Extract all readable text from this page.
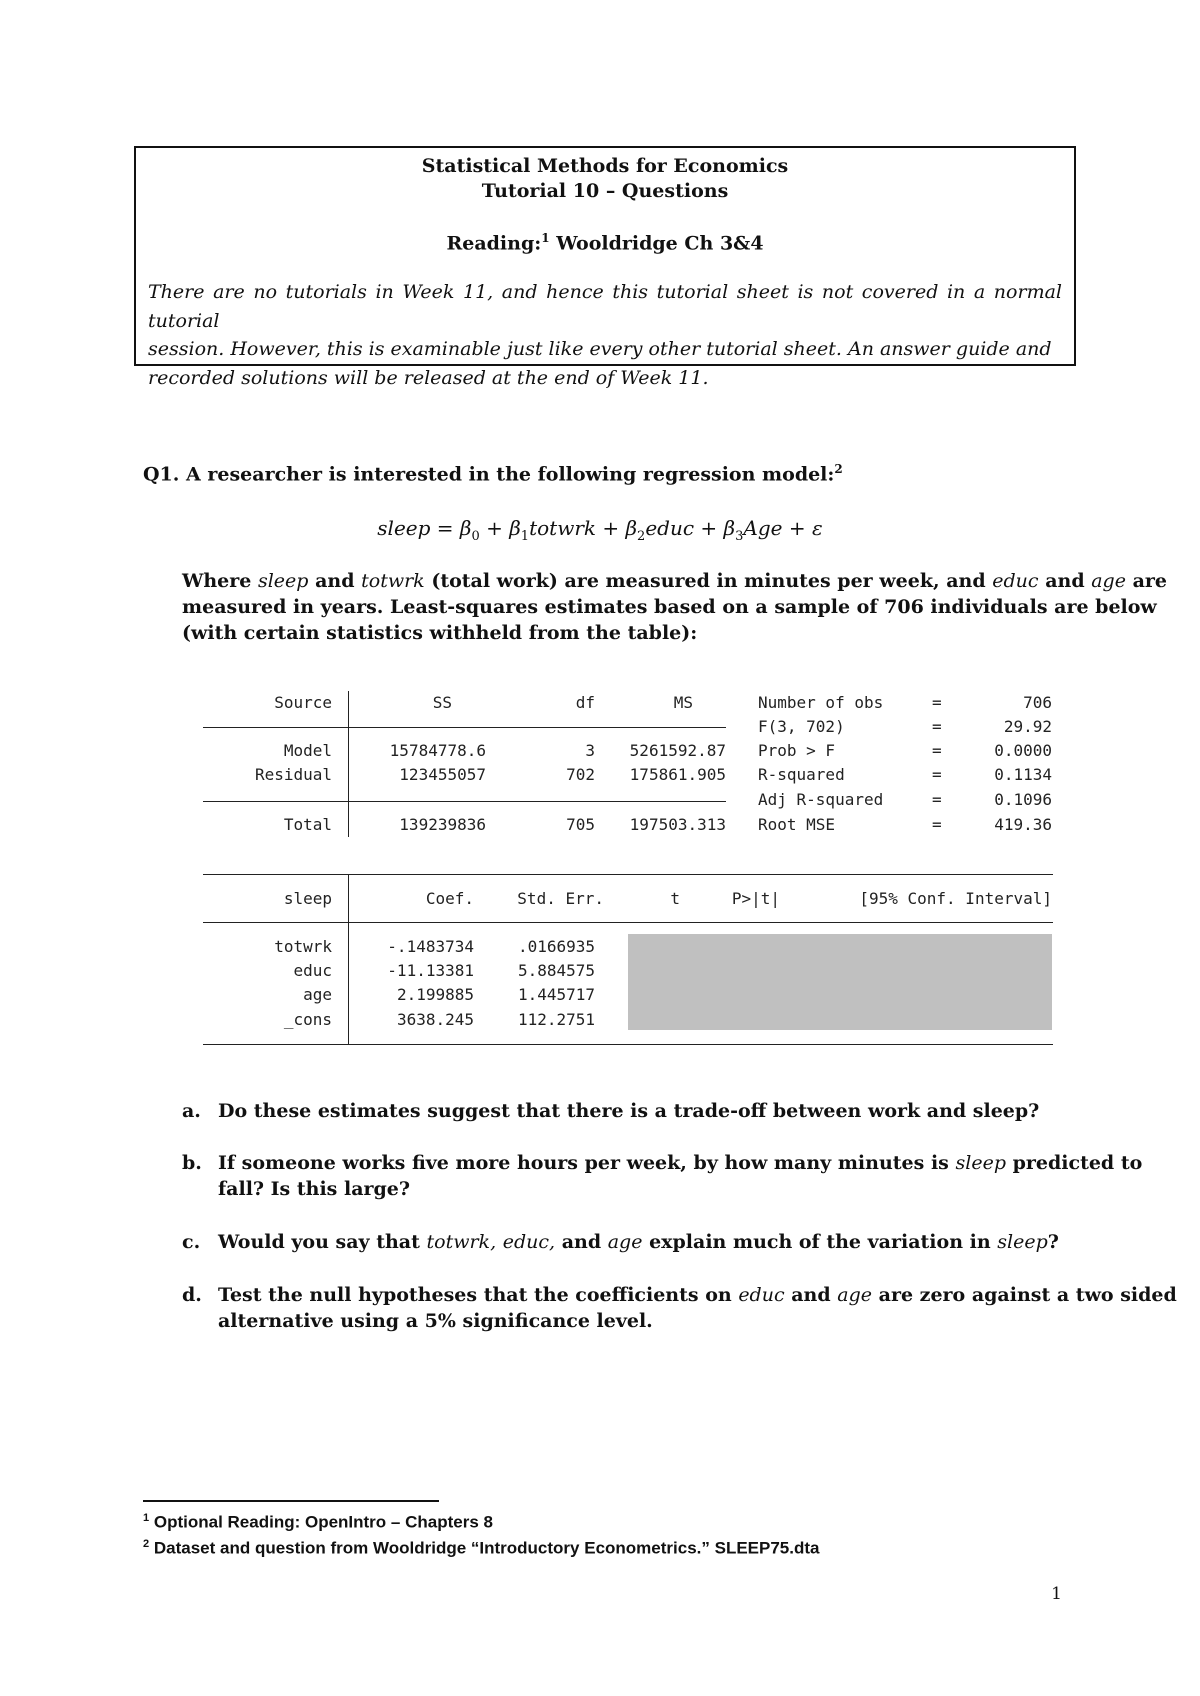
Statistical Methods for Economics
Tutorial 10 – Questions
Reading:$^1$ Wooldridge Ch 3&4
There are no tutorials in Week 11, and hence this tutorial sheet is not covered in a normal tutorial
session. However, this is examinable just like every other tutorial sheet. An answer guide and
recorded solutions will be released at the end of Week 11.
Q1. A researcher is interested in the following regression model:$^2$
sleep = $\beta_0$ + $\beta_1totwrk$ + $\beta_2educ + \beta_3Age + \varepsilon$
Where sleep and totwrk (total work) are measured in minutes per week, and educ and age are
measured in years. Least-squares estimates based on a sample of 706 individuals are below
(with certain statistics withheld from the table):
Source	SS	df	MS
Model	15784778.6	3	5261592.87
Residual	123455057	702	175861.905
Total	139239836	705	197503.313
Number of obs	=	706
F(3, 702)	=	29.92
Prob > F	=	0.0000
R-squared	=	0.1134
Adj R-squared	=	0.1096
Root MSE	=	419.36
sleep	Coef.	Std. Err.	t	P>|t|	[95% Conf. Interval]
totwrk	-.1483734	.0166935
educ	-11.13381	5.884575
age	2.199885	1.445717
_cons	3638.245	112.2751
a. Do these estimates suggest that there is a trade-off between work and sleep?
b. If someone works five more hours per week, by how many minutes is sleep predicted to
fall? Is this large?
c. Would you say that totwrk, educ, and age explain much of the variation in sleep?
d. Test the null hypotheses that the coefficients on educ and age are zero against a two sided
alternative using a 5% significance level.
$^1$ Optional Reading: OpenIntro – Chapters 8
$^2$ Dataset and question from Wooldridge “Introductory Econometrics.” SLEEP75.dta
1
